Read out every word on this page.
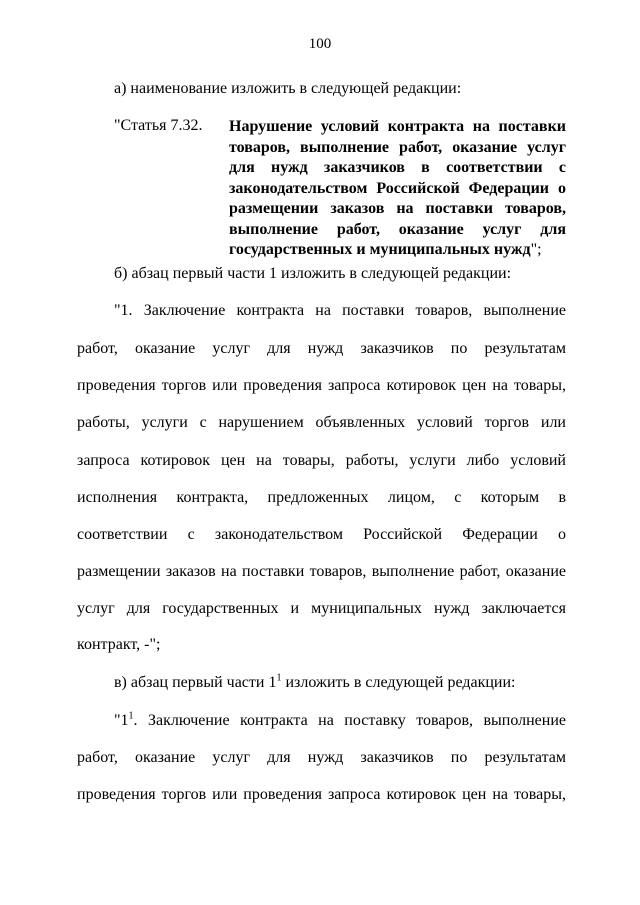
100
а) наименование изложить в следующей редакции:
"Статья 7.32. Нарушение условий контракта на поставки товаров, выполнение работ, оказание услуг для нужд заказчиков в соответствии с законодательством Российской Федерации о размещении заказов на поставки товаров, выполнение работ, оказание услуг для государственных и муниципальных нужд";
б) абзац первый части 1 изложить в следующей редакции:
"1. Заключение контракта на поставки товаров, выполнение
работ, оказание услуг для нужд заказчиков по результатам
проведения торгов или проведения запроса котировок цен на товары,
работы, услуги с нарушением объявленных условий торгов или
запроса котировок цен на товары, работы, услуги либо условий
исполнения контракта, предложенных лицом, с которым в
соответствии с законодательством Российской Федерации о
размещении заказов на поставки товаров, выполнение работ, оказание
услуг для государственных и муниципальных нужд заключается
контракт, -";
в) абзац первый части $1^1$ изложить в следующей редакции:
"$1^1$. Заключение контракта на поставку товаров, выполнение
работ, оказание услуг для нужд заказчиков по результатам
проведения торгов или проведения запроса котировок цен на товары,
